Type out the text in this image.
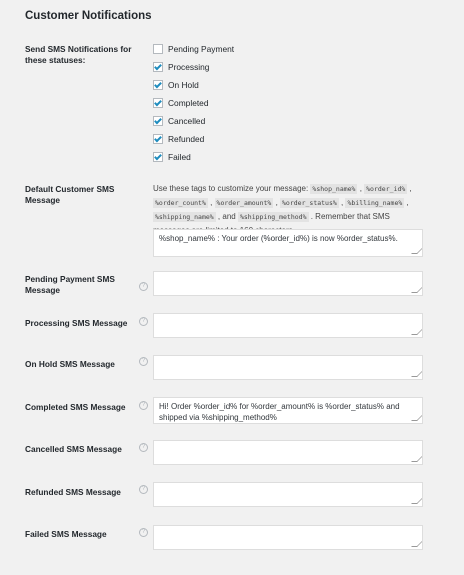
Customer Notifications
Send SMS Notifications for these statuses:
Pending Payment
Processing
On Hold
Completed
Cancelled
Refunded
Failed
Default Customer SMS Message
Use these tags to customize your message: %shop_name% , %order_id% , %order_count% , %order_amount% , %order_status% , %billing_name% , %shipping_name% , and %shipping_method% . Remember that SMS
%shop_name% : Your order (%order_id%) is now %order_status%.
Pending Payment SMS Message	?
Processing SMS Message	?
On Hold SMS Message	?
Completed SMS Message	?	Hi! Order %order_id% for %order_amount% is %order_status% and shipped via %shipping_method%
Cancelled SMS Message	?
Refunded SMS Message	?
Failed SMS Message	?
